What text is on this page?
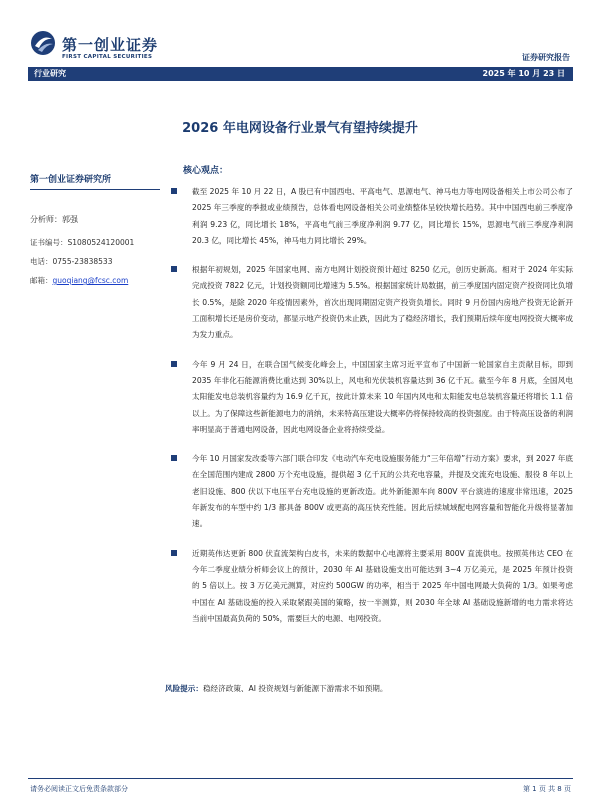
第一创业证券
FIRST CAPITAL SECURITIES	证券研究报告
行业研究	2025 年 10 月 23 日
2026 年电网设备行业景气有望持续提升
第一创业证券研究所
分析师：郭强
证书编号：S1080524120001
电话：0755-23838533
邮箱：guoqiang@fcsc.com
核心观点：
截至 2025 年 10 月 22 日，A 股已有中国西电、平高电气、思源电气、神马电力等电网设备相关上市公司公布了 2025 年三季度的季报或业绩预告，总体看电网设备相关公司业绩整体呈较快增长趋势。其中中国西电前三季度净利润 9.23 亿，同比增长 18%，平高电气前三季度净利润 9.77 亿，同比增长 15%，思源电气前三季度净利润 20.3 亿，同比增长 45%，神马电力同比增长 29%。
根据年初规划，2025 年国家电网、南方电网计划投资预计超过 8250 亿元，创历史新高。相对于 2024 年实际完成投资 7822 亿元，计划投资额同比增速为 5.5%。根据国家统计局数据，前三季度国内固定资产投资同比负增长 0.5%，是除 2020 年疫情因素外，首次出现同期固定资产投资负增长。同时 9 月份国内房地产投资无论新开工面积增长还是房价变动，都显示地产投资仍未止跌，因此为了稳经济增长，我们预期后续年度电网投资大概率成为发力重点。
今年 9 月 24 日，在联合国气候变化峰会上，中国国家主席习近平宣布了中国新一轮国家自主贡献目标，即到 2035 年非化石能源消费比重达到 30%以上，风电和光伏装机容量达到 36 亿千瓦。截至今年 8 月底，全国风电太阳能发电总装机容量约为 16.9 亿千瓦，按此计算未来 10 年国内风电和太阳能发电总装机容量还将增长 1.1 倍以上。为了保障这些新能源电力的消纳，未来特高压建设大概率仍将保持较高的投资强度。由于特高压设备的利润率明显高于普通电网设备，因此电网设备企业将持续受益。
今年 10 月国家发改委等六部门联合印发《电动汽车充电设施服务能力“三年倍增”行动方案》要求，到 2027 年底在全国范围内建成 2800 万个充电设施，提供超 3 亿千瓦的公共充电容量，并提及交流充电设施、服役 8 年以上老旧设施、800 伏以下电压平台充电设施的更新改造。此外新能源车向 800V 平台演进的速度非常迅速，2025 年新发布的车型中约 1/3 都具备 800V 或更高的高压快充性能。因此后续城域配电网容量和智能化升级将显著加速。
近期英伟达更新 800 伏直流架构白皮书，未来的数据中心电源将主要采用 800V 直流供电。按照英伟达 CEO 在今年二季度业绩分析师会议上的预计，2030 年 AI 基础设施支出可能达到 3~4 万亿美元，是 2025 年预计投资的 5 倍以上。按 3 万亿美元测算，对应约 500GW 的功率，相当于 2025 年中国电网最大负荷的 1/3。如果考虑中国在 AI 基础设施的投入采取紧跟美国的策略，按一半测算，则 2030 年全球 AI 基础设施新增的电力需求将达当前中国最高负荷的 50%，需要巨大的电源、电网投资。
风险提示：稳经济政策、AI 投资规划与新能源下游需求不如预期。
请务必阅读正文后免责条款部分	第 1 页 共 8 页
